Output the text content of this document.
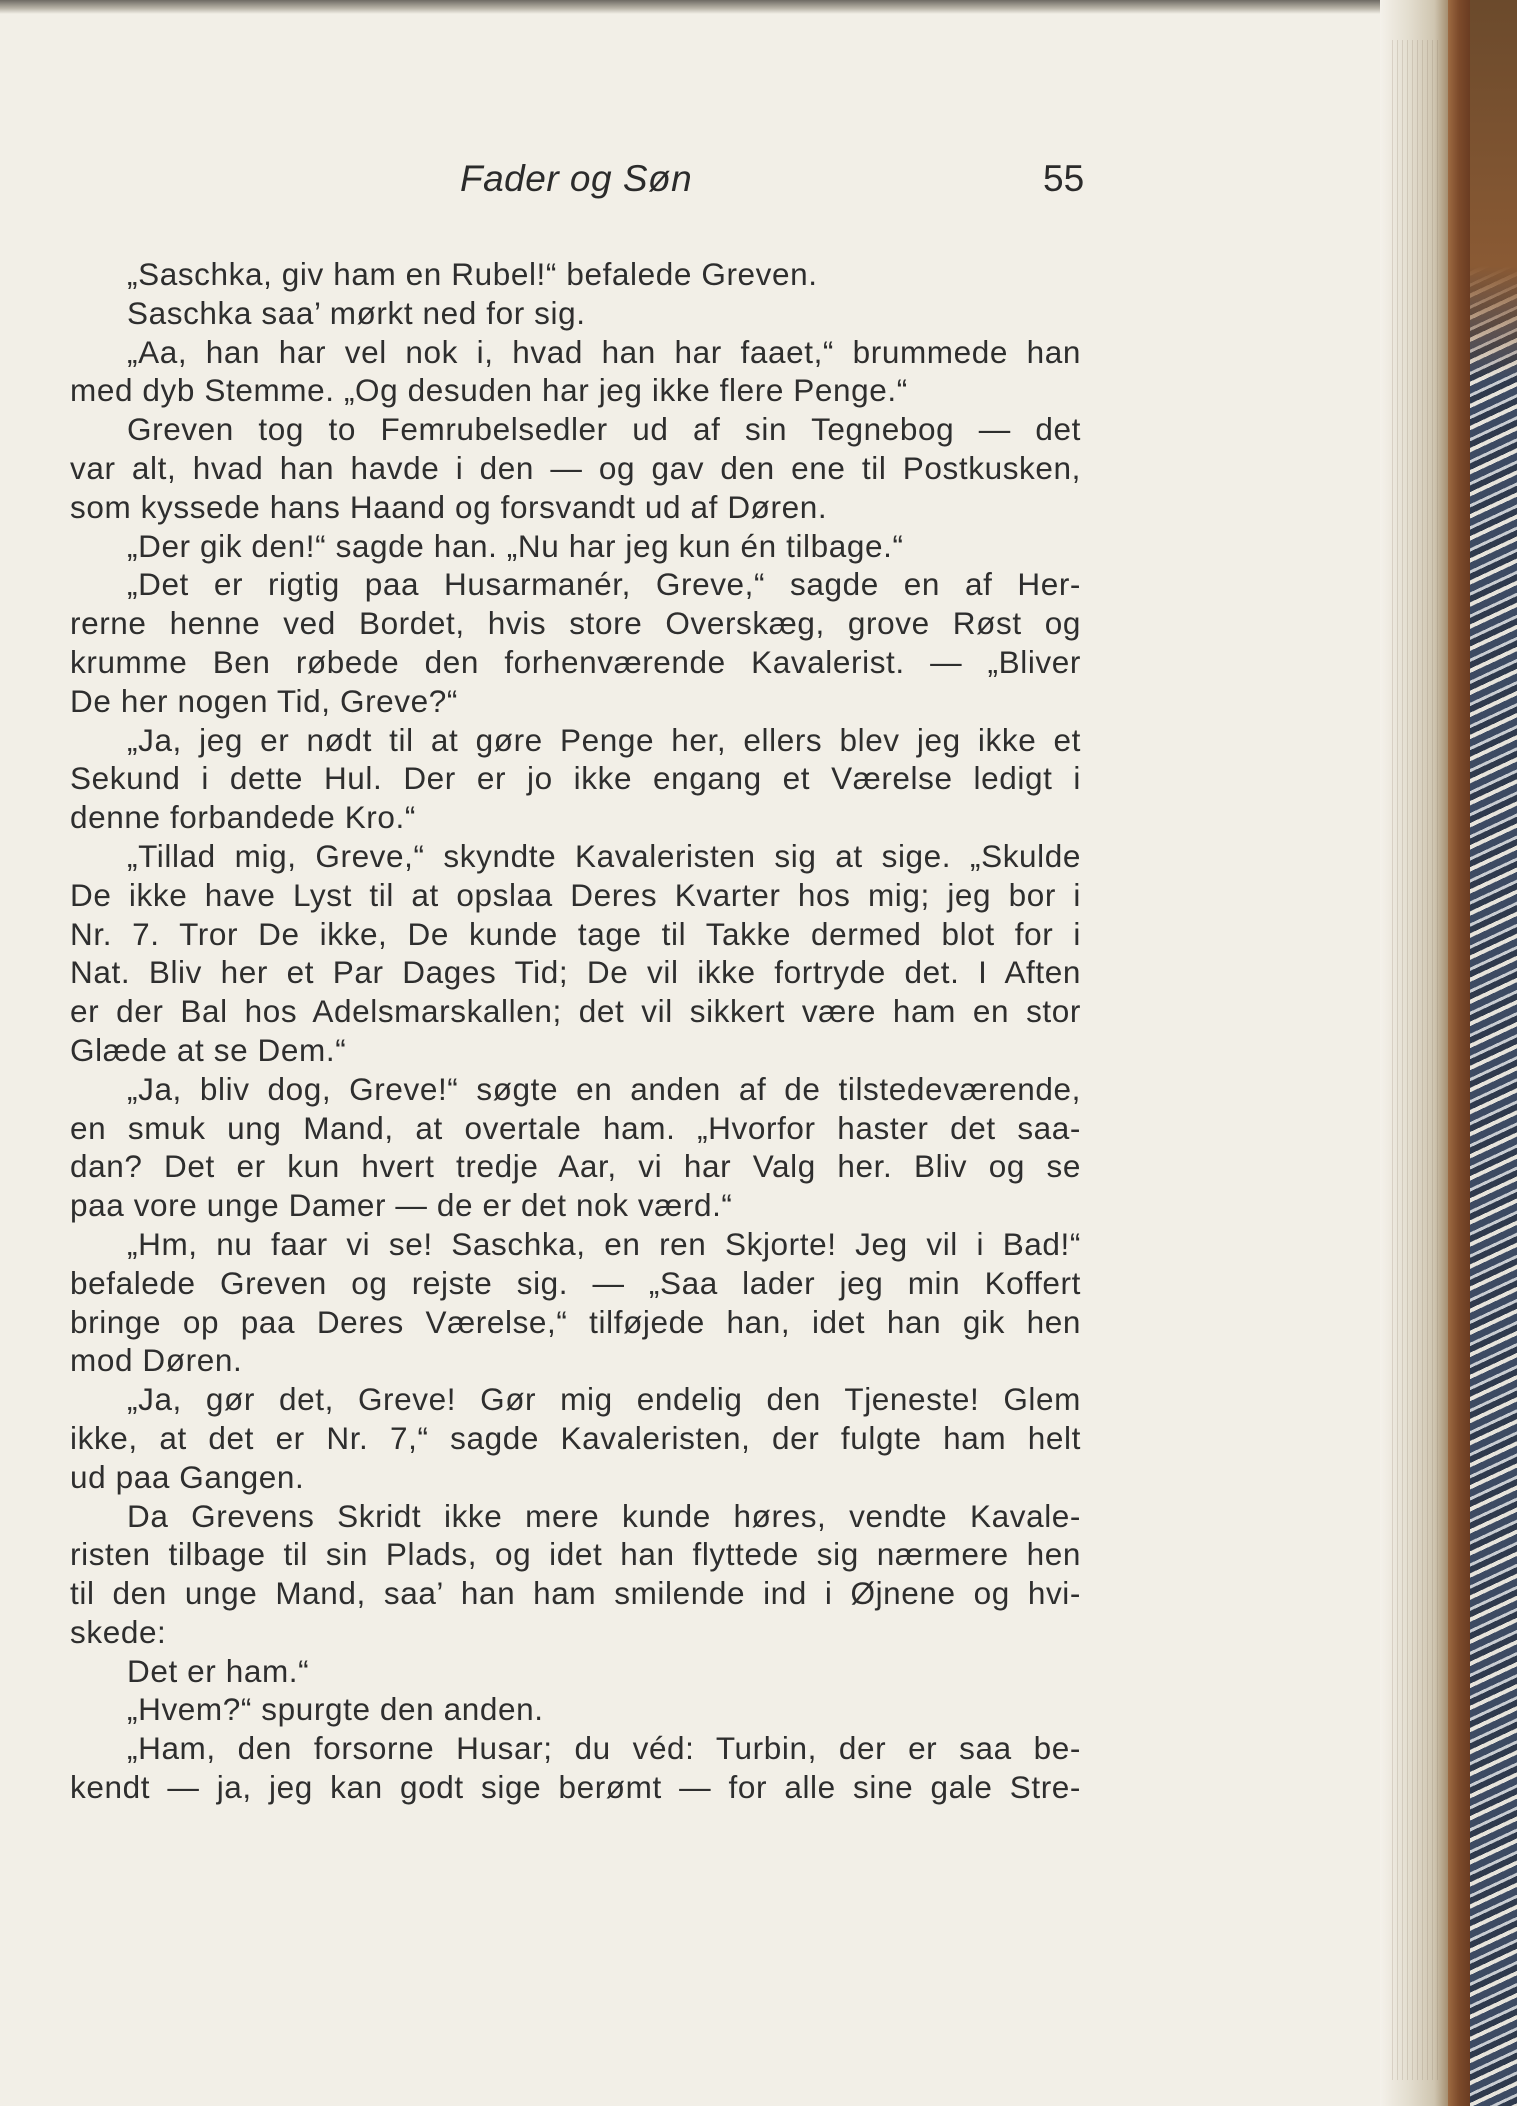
Fader og Søn	55
„Saschka, giv ham en Rubel!“ befalede Greven.
Saschka saa’ mørkt ned for sig.
„Aa, han har vel nok i, hvad han har faaet,“ brummede han
med dyb Stemme. „Og desuden har jeg ikke flere Penge.“
Greven tog to Femrubelsedler ud af sin Tegnebog — det
var alt, hvad han havde i den — og gav den ene til Postkusken,
som kyssede hans Haand og forsvandt ud af Døren.
„Der gik den!“ sagde han. „Nu har jeg kun én tilbage.“
„Det er rigtig paa Husarmanér, Greve,“ sagde en af Her-
rerne henne ved Bordet, hvis store Overskæg, grove Røst og
krumme Ben røbede den forhenværende Kavalerist. — „Bliver
De her nogen Tid, Greve?“
„Ja, jeg er nødt til at gøre Penge her, ellers blev jeg ikke et
Sekund i dette Hul. Der er jo ikke engang et Værelse ledigt i
denne forbandede Kro.“
„Tillad mig, Greve,“ skyndte Kavaleristen sig at sige. „Skulde
De ikke have Lyst til at opslaa Deres Kvarter hos mig; jeg bor i
Nr. 7. Tror De ikke, De kunde tage til Takke dermed blot for i
Nat. Bliv her et Par Dages Tid; De vil ikke fortryde det. I Aften
er der Bal hos Adelsmarskallen; det vil sikkert være ham en stor
Glæde at se Dem.“
„Ja, bliv dog, Greve!“ søgte en anden af de tilstedeværende,
en smuk ung Mand, at overtale ham. „Hvorfor haster det saa-
dan? Det er kun hvert tredje Aar, vi har Valg her. Bliv og se
paa vore unge Damer — de er det nok værd.“
„Hm, nu faar vi se! Saschka, en ren Skjorte! Jeg vil i Bad!“
befalede Greven og rejste sig. — „Saa lader jeg min Koffert
bringe op paa Deres Værelse,“ tilføjede han, idet han gik hen
mod Døren.
„Ja, gør det, Greve! Gør mig endelig den Tjeneste! Glem
ikke, at det er Nr. 7,“ sagde Kavaleristen, der fulgte ham helt
ud paa Gangen.
Da Grevens Skridt ikke mere kunde høres, vendte Kavale-
risten tilbage til sin Plads, og idet han flyttede sig nærmere hen
til den unge Mand, saa’ han ham smilende ind i Øjnene og hvi-
skede:
Det er ham.“
„Hvem?“ spurgte den anden.
„Ham, den forsorne Husar; du véd: Turbin, der er saa be-
kendt — ja, jeg kan godt sige berømt — for alle sine gale Stre-
